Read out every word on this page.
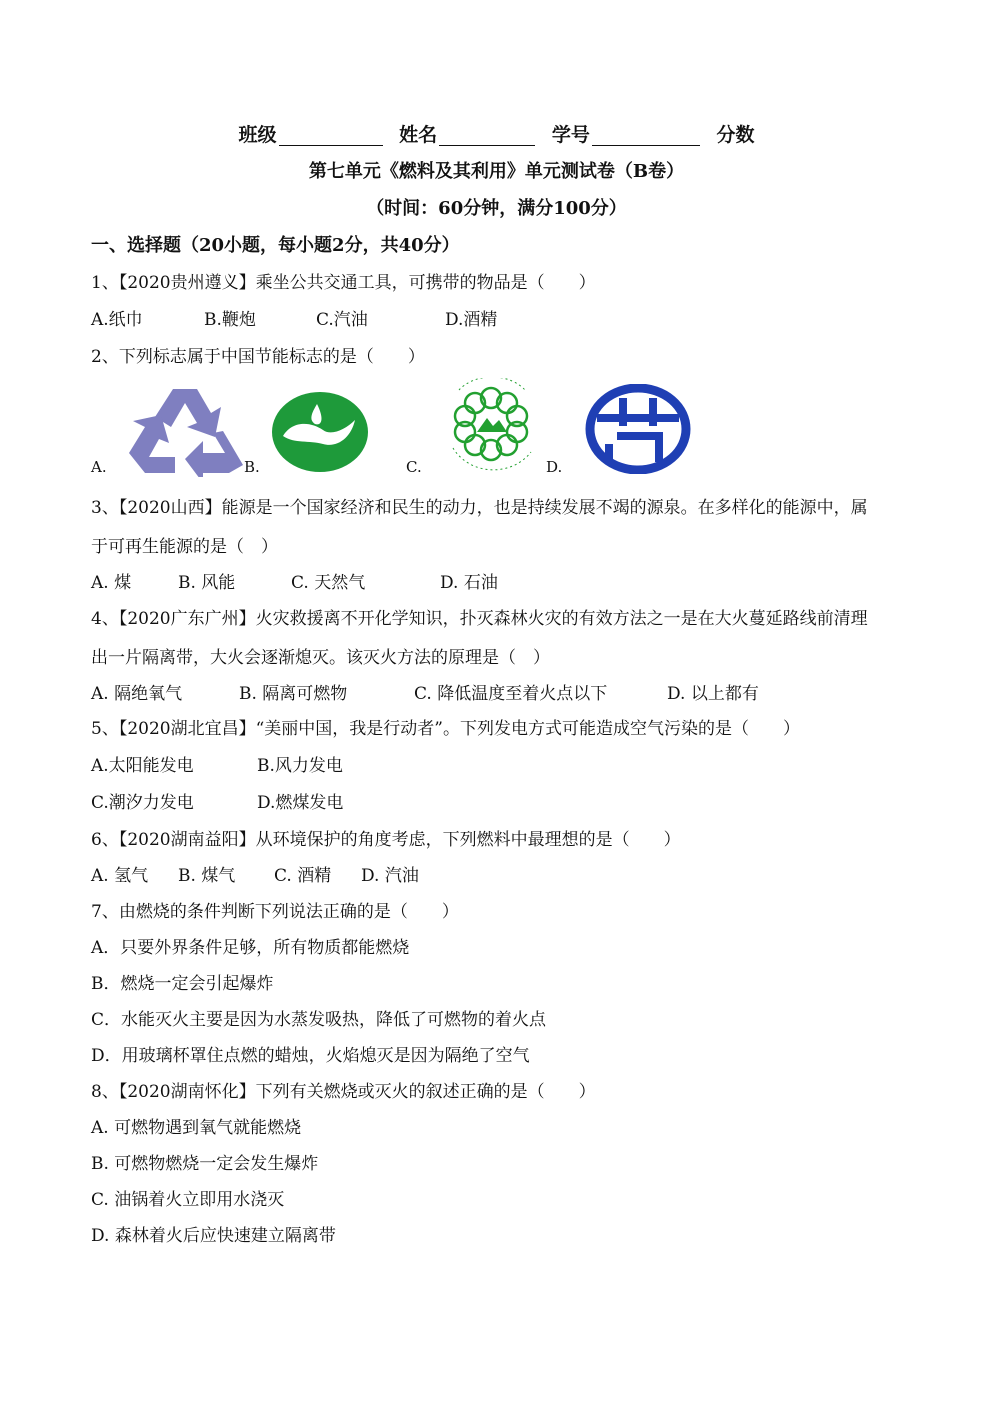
班级	姓名	学号	分数
第七单元《燃料及其利用》单元测试卷（B卷）
（时间：60分钟，满分100分）
一、选择题（20小题，每小题2分，共40分）
1、【2020贵州遵义】乘坐公共交通工具，可携带的物品是（　　）
A.纸巾	B.鞭炮	C.汽油	D.酒精
2、下列标志属于中国节能标志的是（　　）
A.	B.	C.	D.
3、【2020山西】能源是一个国家经济和民生的动力，也是持续发展不竭的源泉。在多样化的能源中，属
于可再生能源的是（　）
A. 煤	B. 风能	C. 天然气	D. 石油
4、【2020广东广州】火灾救援离不开化学知识，扑灭森林火灾的有效方法之一是在大火蔓延路线前清理
出一片隔离带，大火会逐渐熄灭。该灭火方法的原理是（　）
A. 隔绝氧气	B. 隔离可燃物	C. 降低温度至着火点以下	D. 以上都有
5、【2020湖北宜昌】“美丽中国，我是行动者”。下列发电方式可能造成空气污染的是（　　）
A.太阳能发电	B.风力发电
C.潮汐力发电	D.燃煤发电
6、【2020湖南益阳】从环境保护的角度考虑，下列燃料中最理想的是（　　）
A. 氢气 B. 煤气 C. 酒精 D. 汽油
7、由燃烧的条件判断下列说法正确的是（　　）
A．只要外界条件足够，所有物质都能燃烧
B．燃烧一定会引起爆炸
C．水能灭火主要是因为水蒸发吸热，降低了可燃物的着火点
D．用玻璃杯罩住点燃的蜡烛，火焰熄灭是因为隔绝了空气
8、【2020湖南怀化】下列有关燃烧或灭火的叙述正确的是（　　）
A. 可燃物遇到氧气就能燃烧
B. 可燃物燃烧一定会发生爆炸
C. 油锅着火立即用水浇灭
D. 森林着火后应快速建立隔离带
